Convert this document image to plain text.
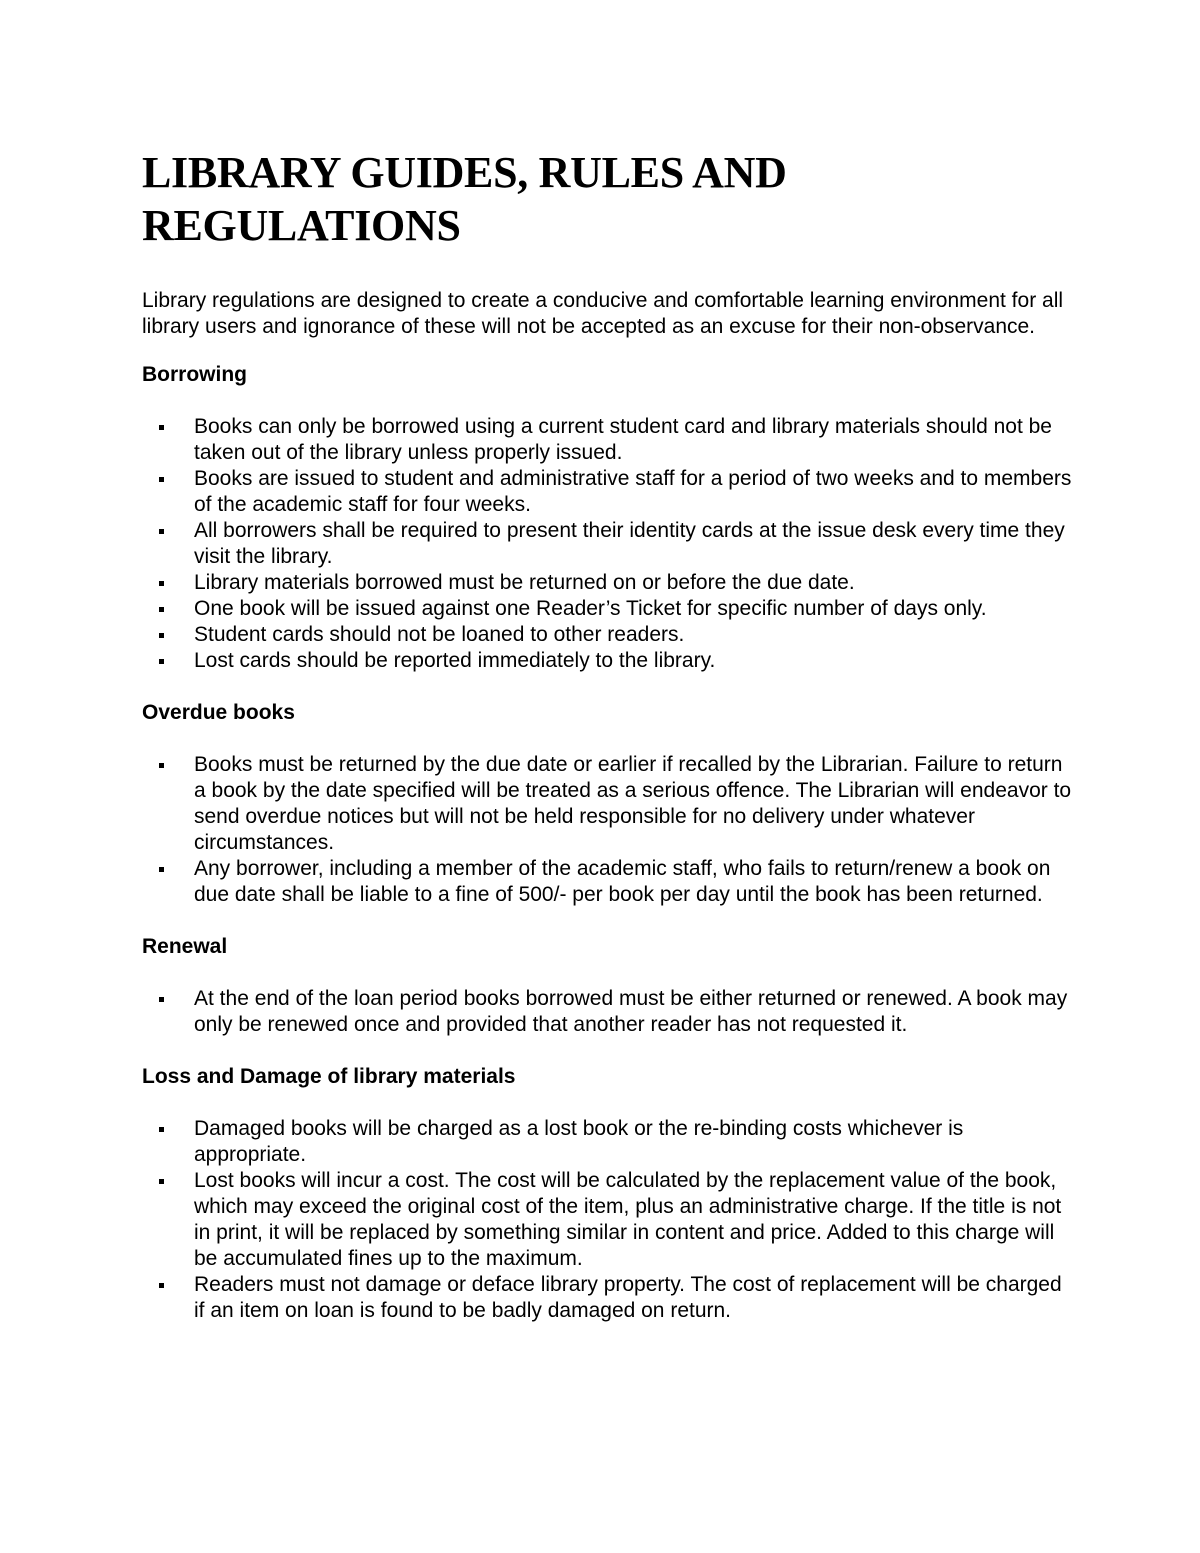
LIBRARY GUIDES, RULES AND REGULATIONS

Library regulations are designed to create a conducive and comfortable learning environment for all library users and ignorance of these will not be accepted as an excuse for their non-observance.

Borrowing
Books can only be borrowed using a current student card and library materials should not be taken out of the library unless properly issued.
Books are issued to student and administrative staff for a period of two weeks and to members of the academic staff for four weeks.
All borrowers shall be required to present their identity cards at the issue desk every time they visit the library.
Library materials borrowed must be returned on or before the due date.
One book will be issued against one Reader’s Ticket for specific number of days only.
Student cards should not be loaned to other readers.
Lost cards should be reported immediately to the library.
Overdue books
Books must be returned by the due date or earlier if recalled by the Librarian. Failure to return a book by the date specified will be treated as a serious offence. The Librarian will endeavor to send overdue notices but will not be held responsible for no delivery under whatever circumstances.
Any borrower, including a member of the academic staff, who fails to return/renew a book on due date shall be liable to a fine of 500/- per book per day until the book has been returned.
Renewal
At the end of the loan period books borrowed must be either returned or renewed. A book may only be renewed once and provided that another reader has not requested it.
Loss and Damage of library materials
Damaged books will be charged as a lost book or the re-binding costs whichever is appropriate.
Lost books will incur a cost. The cost will be calculated by the replacement value of the book, which may exceed the original cost of the item, plus an administrative charge. If the title is not in print, it will be replaced by something similar in content and price. Added to this charge will be accumulated fines up to the maximum.
Readers must not damage or deface library property. The cost of replacement will be charged if an item on loan is found to be badly damaged on return.
